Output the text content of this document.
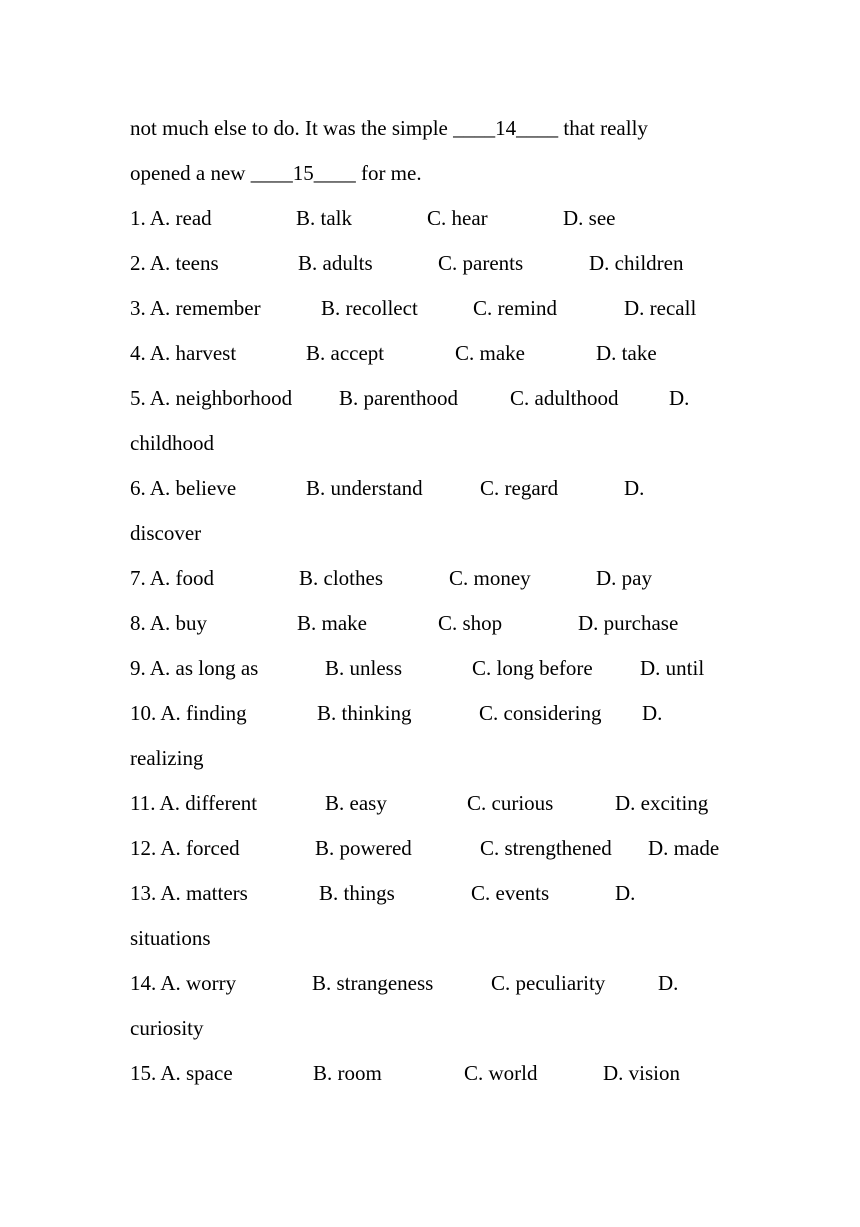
not much else to do. It was the simple ____14____ that really

opened a new ____15____ for me.

1. A. read

	B. talk

	C. hear

	D. see

2. A. teens

	B. adults

	C. parents

	D. children

3. A. remember

	B. recollect

	C. remind

	D. recall

4. A. harvest

	B. accept

	C. make

	D. take

5. A. neighborhood

B. parenthood

C. adulthood

D.

childhood

6. A. believe

	B. understand

	C. regard

	D.

discover

7. A. food

	B. clothes

	C. money

	D. pay

8. A. buy

	B. make

	C. shop

	D. purchase

9. A. as long as

	B. unless

	C. long before

D. until

10. A. finding

	B. thinking

	C. considering

D.

realizing

11. A. different

	B. easy

	C. curious

	D. exciting

12. A. forced

	B. powered

	C. strengthened

D. made

13. A. matters

	B. things

	C. events

	D.

situations

14. A. worry

	B. strangeness

	C. peculiarity

	D.

curiosity

15. A. space

	B. room

	C. world

	D. vision
